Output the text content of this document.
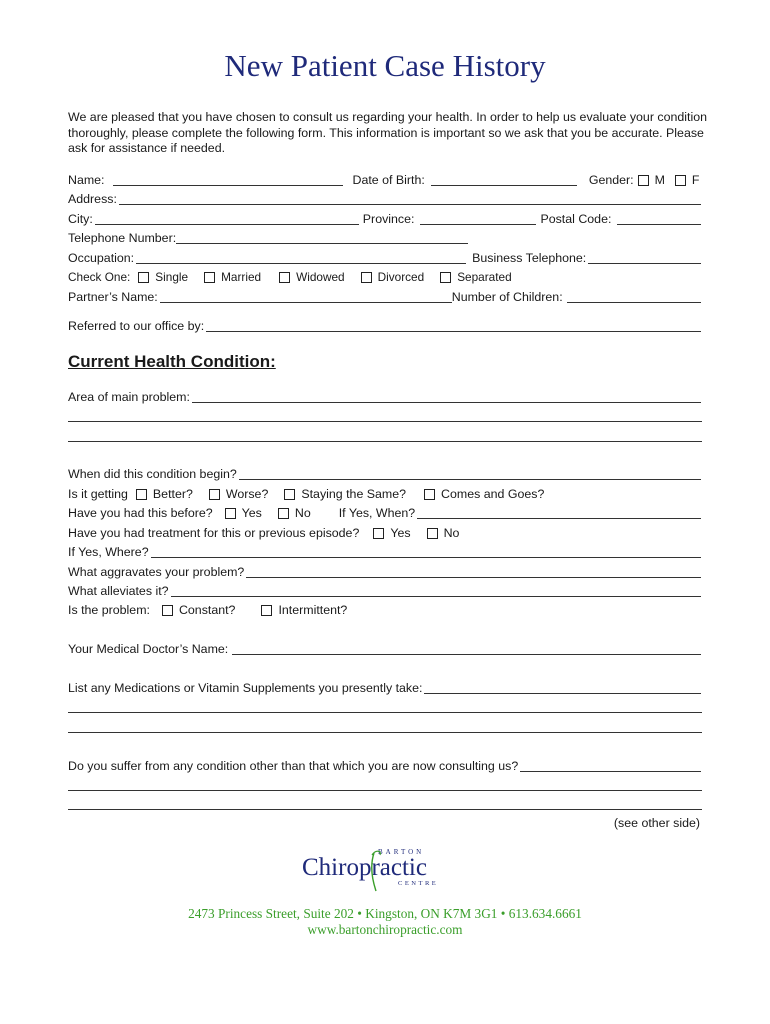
New Patient Case History
We are pleased that you have chosen to consult us regarding your health. In order to help us evaluate your condition thoroughly, please complete the following form. This information is important so we ask that you be accurate. Please ask for assistance if needed.
Name:	Date of Birth:	Gender: M F
Address:
City:	Province:	Postal Code:
Telephone Number:
Occupation:	Business Telephone:
Check One: Single	Married	Widowed	Divorced	Separated
Partner’s Name:	Number of Children:
Referred to our office by:
Current Health Condition:
Area of main problem:
When did this condition begin?
Is it getting Better?	Worse?	Staying the Same?	Comes and Goes?
Have you had this before? Yes	No If Yes, When?
Have you had treatment for this or previous episode?	Yes	No
If Yes, Where?
What aggravates your problem?
What alleviates it?
Is the problem: Constant?	Intermittent?
Your Medical Doctor’s Name:
List any Medications or Vitamin Supplements you presently take:
Do you suffer from any condition other than that which you are now consulting us?
(see other side)
BARTON
Chiropractic
CENTRE
2473 Princess Street, Suite 202 • Kingston, ON K7M 3G1 • 613.634.6661
www.bartonchiropractic.com
